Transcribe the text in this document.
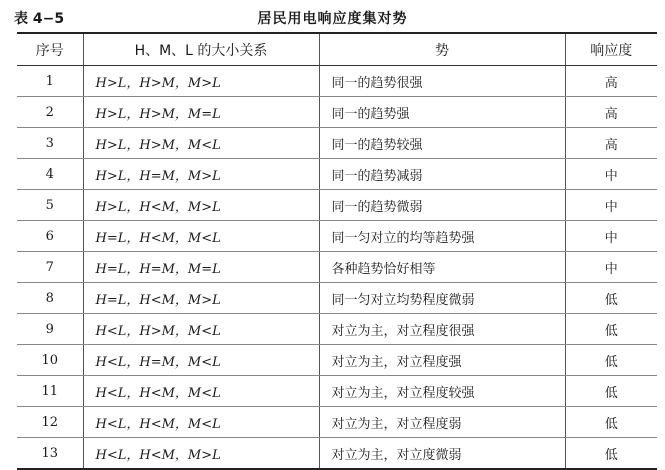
表 4−5	居民用电响应度集对势
序号	H、M、L 的大小关系	势	响应度
1	H>L，H>M，M>L	同一的趋势很强	高
2	H>L，H>M，M=L	同一的趋势强	高
3	H>L，H>M，M<L	同一的趋势较强	高
4	H>L，H=M，M>L	同一的趋势减弱	中
5	H>L，H<M，M>L	同一的趋势微弱	中
6	H=L，H<M，M<L	同一匀对立的均等趋势强	中
7	H=L，H=M，M=L	各种趋势恰好相等	中
8	H=L，H<M，M>L	同一匀对立均势程度微弱	低
9	H<L，H>M，M<L	对立为主，对立程度很强	低
10	H<L，H=M，M<L	对立为主，对立程度强	低
11	H<L，H<M，M<L	对立为主，对立程度较强	低
12	H<L，H<M，M<L	对立为主，对立程度弱	低
13	H<L，H<M，M>L	对立为主，对立度微弱	低
